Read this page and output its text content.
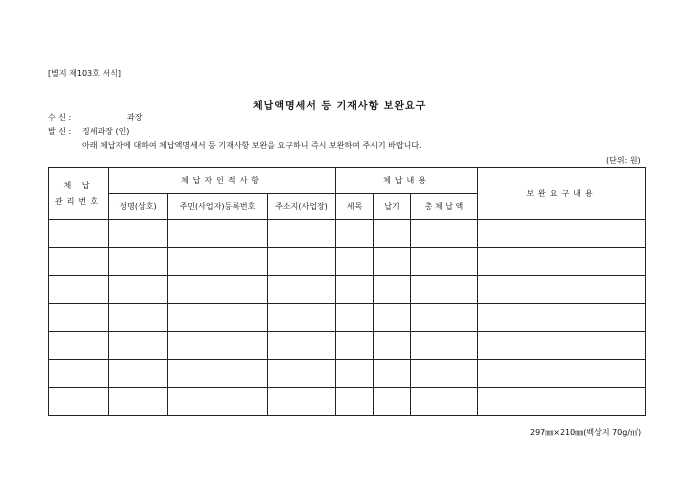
[별지 제103호 서식]
체납액명세서 등 기재사항 보완요구
수 신 :	과장
발 신 : 징세과장 (인)
아래 체납자에 대하여 체납액명세서 등 기재사항 보완을 요구하니 즉시 보완하여 주시기 바랍니다.
(단위: 원)
체 납
관리번호	체납자인적사항			체납내용			보완요구내용
	성명(상호)	주민(사업자)등록번호	주소지(사업장)	세목	납기	총 체 납 액	

297㎜×210㎜(백상지 70g/㎡)
